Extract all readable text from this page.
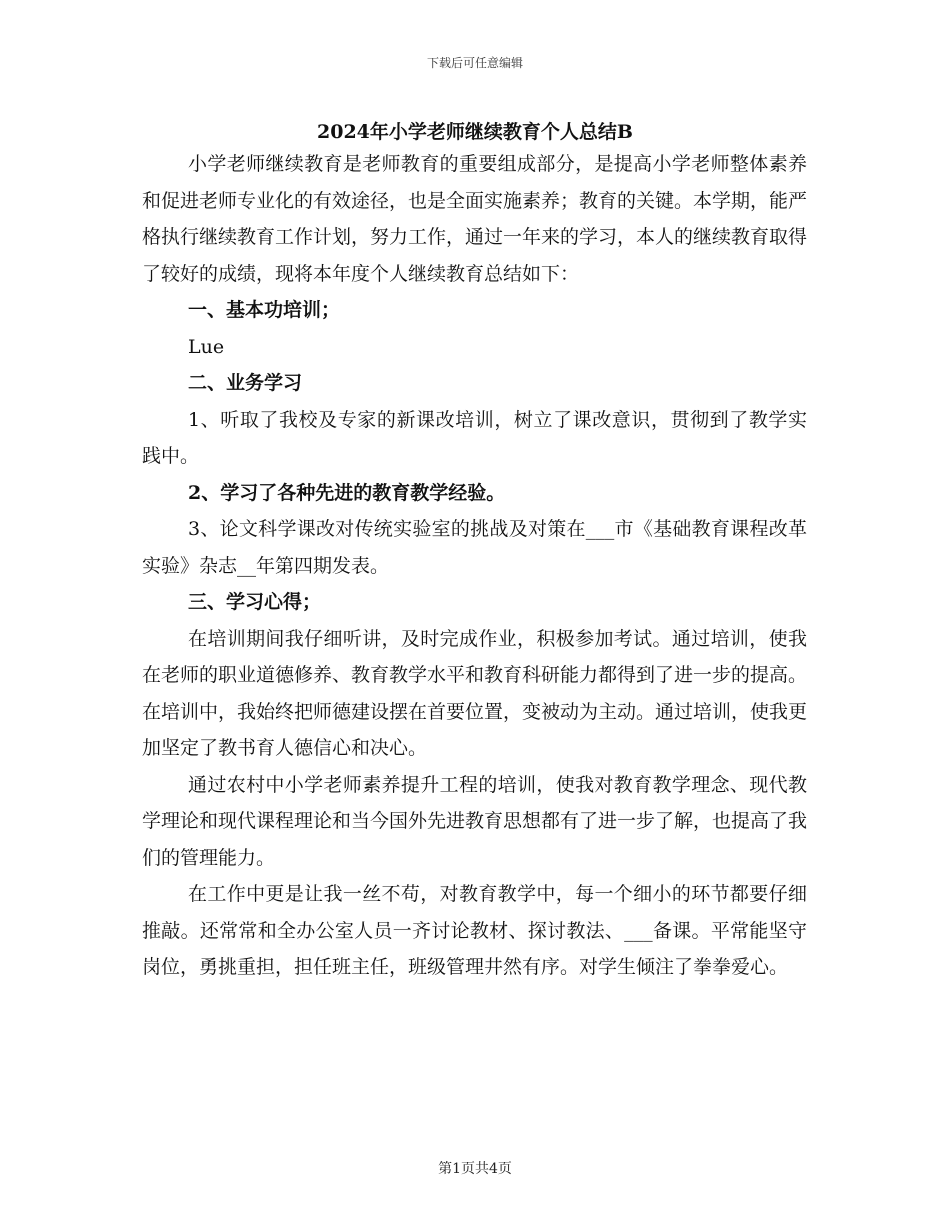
下载后可任意编辑
2024年小学老师继续教育个人总结B

小学老师继续教育是老师教育的重要组成部分，是提高小学老师整体素养和促进老师专业化的有效途径，也是全面实施素养；教育的关键。本学期，能严格执行继续教育工作计划，努力工作，通过一年来的学习，本人的继续教育取得了较好的成绩，现将本年度个人继续教育总结如下：

一、基本功培训；

Lue

二、业务学习

1、听取了我校及专家的新课改培训，树立了课改意识，贯彻到了教学实践中。

2、学习了各种先进的教育教学经验。

3、论文科学课改对传统实验室的挑战及对策在___市《基础教育课程改革实验》杂志__年第四期发表。

三、学习心得；

在培训期间我仔细听讲，及时完成作业，积极参加考试。通过培训，使我在老师的职业道德修养、教育教学水平和教育科研能力都得到了进一步的提高。在培训中，我始终把师德建设摆在首要位置，变被动为主动。通过培训，使我更加坚定了教书育人德信心和决心。

通过农村中小学老师素养提升工程的培训，使我对教育教学理念、现代教学理论和现代课程理论和当今国外先进教育思想都有了进一步了解，也提高了我们的管理能力。

在工作中更是让我一丝不苟，对教育教学中，每一个细小的环节都要仔细推敲。还常常和全办公室人员一齐讨论教材、探讨教法、___备课。平常能坚守岗位，勇挑重担，担任班主任，班级管理井然有序。对学生倾注了拳拳爱心。

第1页共4页
